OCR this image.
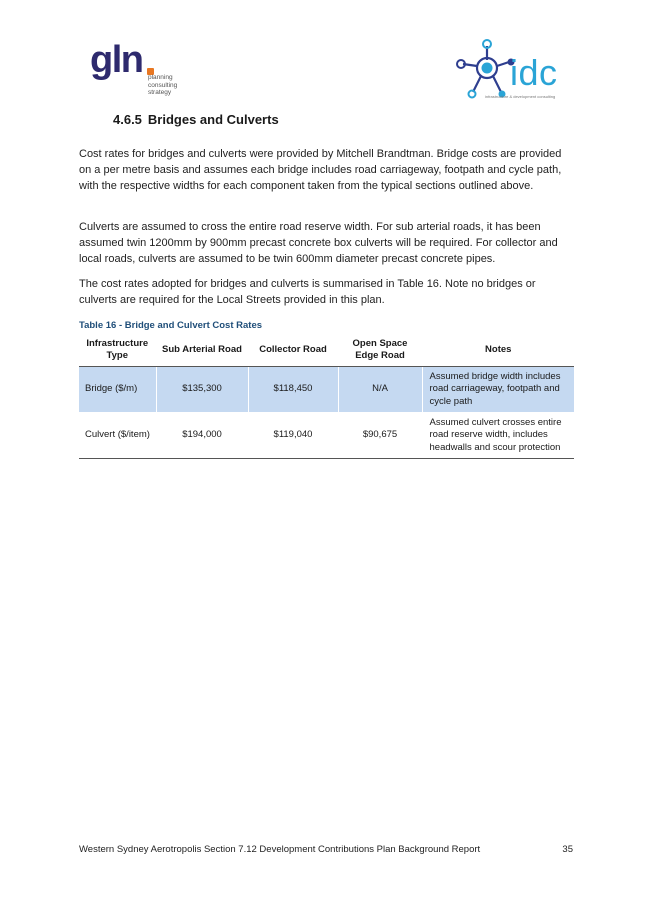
gln planning
consulting
strategy	idc
infrastructure & development consulting
4.6.5 Bridges and Culverts

Cost rates for bridges and culverts were provided by Mitchell Brandtman. Bridge costs are provided on a per metre basis and assumes each bridge includes road carriageway, footpath and cycle path, with the respective widths for each component taken from the typical sections outlined above.

Culverts are assumed to cross the entire road reserve width. For sub arterial roads, it has been assumed twin 1200mm by 900mm precast concrete box culverts will be required. For collector and local roads, culverts are assumed to be twin 600mm diameter precast concrete pipes.

The cost rates adopted for bridges and culverts is summarised in Table 16. Note no bridges or culverts are required for the Local Streets provided in this plan.

Table 16 - Bridge and Culvert Cost Rates
Infrastructure Type	Sub Arterial Road	Collector Road	Open Space Edge Road	Notes
Bridge ($/m)	$135,300	$118,450	N/A	Assumed bridge width includes road carriageway, footpath and cycle path
Culvert ($/item)	$194,000	$119,040	$90,675	Assumed culvert crosses entire road reserve width, includes headwalls and scour protection
Western Sydney Aerotropolis Section 7.12 Development Contributions Plan Background Report	35
